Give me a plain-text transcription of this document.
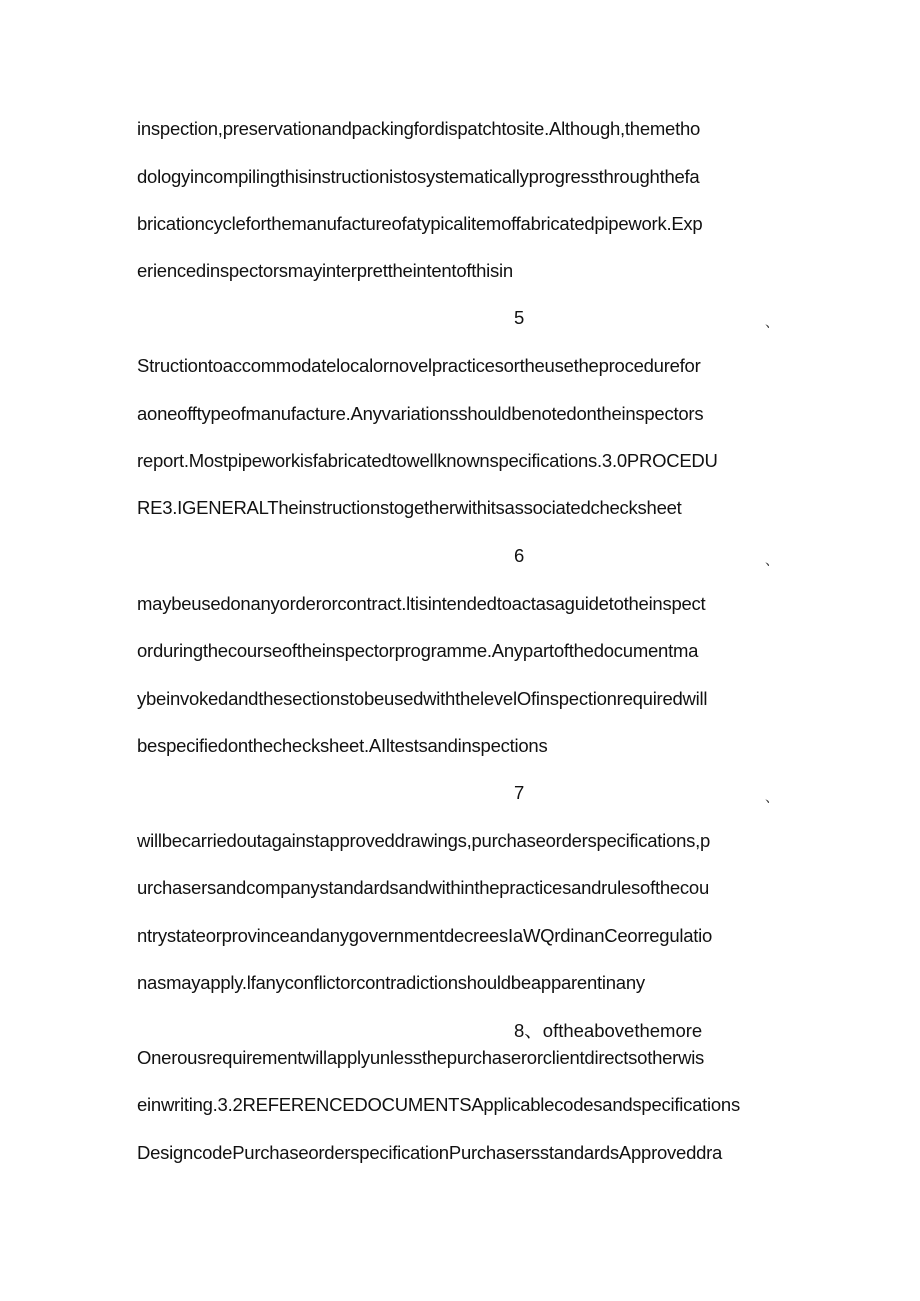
inspection,preservationandpackingfordispatchtosite.Although,themetho
dologyincompilingthisinstructionistosystematicallyprogressthroughthefa
bricationcycleforthemanufactureofatypicalitemoffabricatedpipework.Exp
eriencedinspectorsmayinterprettheintentofthisin
5	、
Structiontoaccommodatelocalornovelpracticesortheusetheprocedurefor
aoneofftypeofmanufacture.Anyvariationsshouldbenotedontheinspectors
report.Mostpipeworkisfabricatedtowellknownspecifications.3.0PROCEDU
RE3.IGENERALTheinstructionstogetherwithitsassociatedchecksheet
6	、
maybeusedonanyorderorcontract.ltisintendedtoactasaguidetotheinspect
orduringthecourseoftheinspectorprogramme.Anypartofthedocumentma
ybeinvokedandthesectionstobeusedwiththelevelOfinspectionrequiredwill
bespecifiedonthechecksheet.AIltestsandinspections
7	、
willbecarriedoutagainstapproveddrawings,purchaseorderspecifications,p
urchasersandcompanystandardsandwithinthepracticesandrulesofthecou
ntrystateorprovinceandanygovernmentdecreesIaWQrdinanCeorregulatio
nasmayapply.lfanyconflictorcontradictionshouldbeapparentinany
8、oftheabovethemore
Onerousrequirementwillapplyunlessthepurchaserorclientdirectsotherwis
einwriting.3.2REFERENCEDOCUMENTSApplicablecodesandspecifications
DesigncodePurchaseorderspecificationPurchasersstandardsApproveddra
